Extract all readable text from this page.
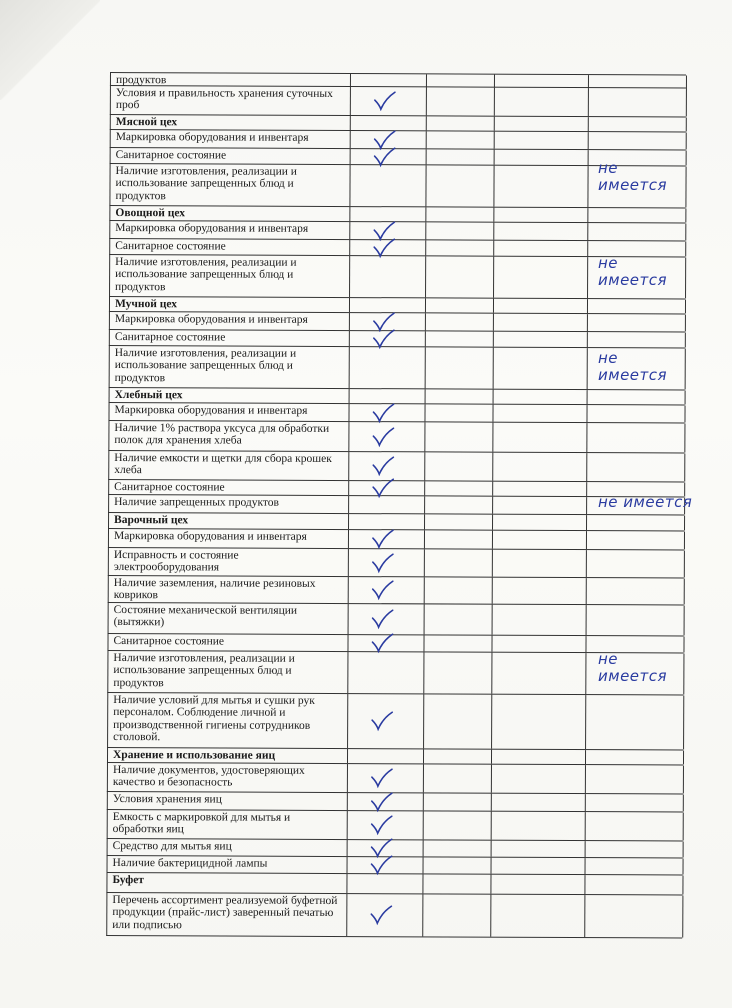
продуктов
Условия и правильность хранения суточных проб
Мясной цех
Маркировка оборудования и инвентаря
Санитарное состояние
Наличие изготовления, реализации и использование запрещенных блюд и продуктов
Овощной цех
Маркировка оборудования и инвентаря
Санитарное состояние
Наличие изготовления, реализации и использование запрещенных блюд и продуктов
Мучной цех
Маркировка оборудования и инвентаря
Санитарное состояние
Наличие изготовления, реализации и использование запрещенных блюд и продуктов
Хлебный цех
Маркировка оборудования и инвентаря
Наличие 1% раствора уксуса для обработки полок для хранения хлеба
Наличие емкости и щетки для сбора крошек хлеба
Санитарное состояние
Наличие запрещенных продуктов
Варочный цех
Маркировка оборудования и инвентаря
Исправность и состояние электрооборудования
Наличие заземления, наличие резиновых ковриков
Состояние механической вентиляции (вытяжки)
Санитарное состояние
Наличие изготовления, реализации и использование запрещенных блюд и продуктов
Наличие условий для мытья и сушки рук персоналом. Соблюдение личной и производственной гигиены сотрудников столовой.
Хранение и использование яиц
Наличие документов, удостоверяющих качество и безопасность
Условия хранения яиц
Емкость с маркировкой для мытья и обработки яиц
Средство для мытья яиц
Наличие бактерицидной лампы
Буфет
Перечень ассортимент реализуемой буфетной продукции (прайс-лист) заверенный печатью или подписью
не
имеется
не
имеется
не
имеется
не имеется
не
имеется
